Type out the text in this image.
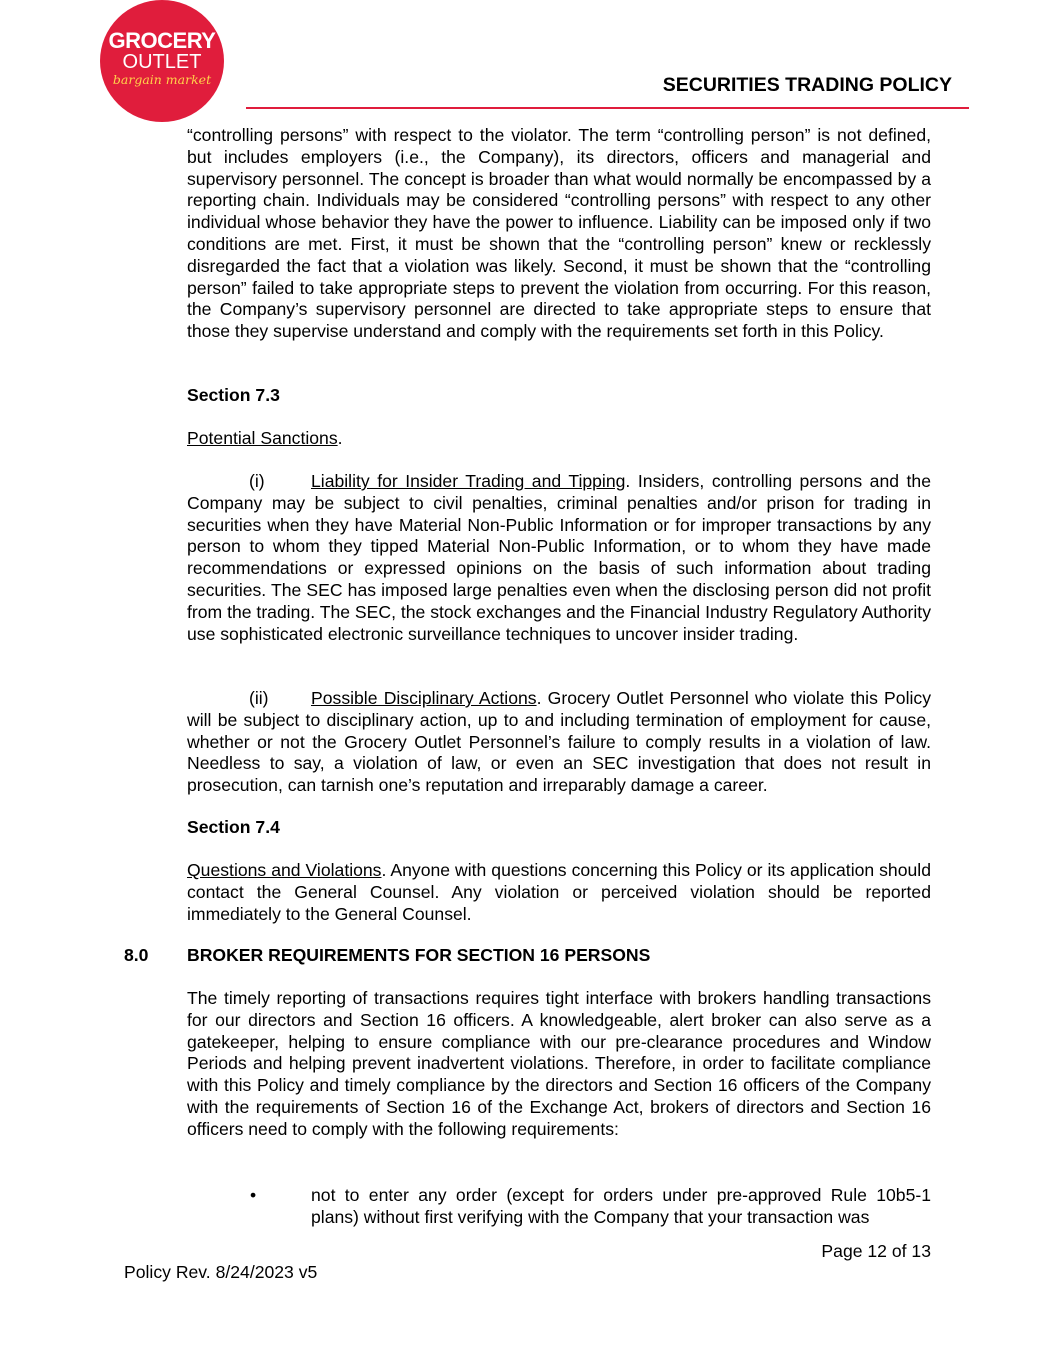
GROCERY
OUTLET
bargain market	SECURITIES TRADING POLICY

“controlling persons” with respect to the violator. The term “controlling person” is not defined, but includes employers (i.e., the Company), its directors, officers and managerial and supervisory personnel. The concept is broader than what would normally be encompassed by a reporting chain. Individuals may be considered “controlling persons” with respect to any other individual whose behavior they have the power to influence. Liability can be imposed only if two conditions are met. First, it must be shown that the “controlling person” knew or recklessly disregarded the fact that a violation was likely. Second, it must be shown that the “controlling person” failed to take appropriate steps to prevent the violation from occurring. For this reason, the Company’s supervisory personnel are directed to take appropriate steps to ensure that those they supervise understand and comply with the requirements set forth in this Policy.

Section 7.3

Potential Sanctions.

(i)	Liability for Insider Trading and Tipping. Insiders, controlling persons and the Company may be subject to civil penalties, criminal penalties and/or prison for trading in securities when they have Material Non-Public Information or for improper transactions by any person to whom they tipped Material Non-Public Information, or to whom they have made recommendations or expressed opinions on the basis of such information about trading securities. The SEC has imposed large penalties even when the disclosing person did not profit from the trading. The SEC, the stock exchanges and the Financial Industry Regulatory Authority use sophisticated electronic surveillance techniques to uncover insider trading.

(ii) Possible Disciplinary Actions. Grocery Outlet Personnel who violate this Policy will be subject to disciplinary action, up to and including termination of employment for cause, whether or not the Grocery Outlet Personnel’s failure to comply results in a violation of law. Needless to say, a violation of law, or even an SEC investigation that does not result in prosecution, can tarnish one’s reputation and irreparably damage a career.

Section 7.4

Questions and Violations. Anyone with questions concerning this Policy or its application should contact the General Counsel. Any violation or perceived violation should be reported immediately to the General Counsel.

8.0 BROKER REQUIREMENTS FOR SECTION 16 PERSONS

The timely reporting of transactions requires tight interface with brokers handling transactions for our directors and Section 16 officers. A knowledgeable, alert broker can also serve as a gatekeeper, helping to ensure compliance with our pre-clearance procedures and Window Periods and helping prevent inadvertent violations. Therefore, in order to facilitate compliance with this Policy and timely compliance by the directors and Section 16 officers of the Company with the requirements of Section 16 of the Exchange Act, brokers of directors and Section 16 officers need to comply with the following requirements:

•	not to enter any order (except for orders under pre-approved Rule 10b5-1 plans) without first verifying with the Company that your transaction was

Page 12 of 13
Policy Rev. 8/24/2023 v5
